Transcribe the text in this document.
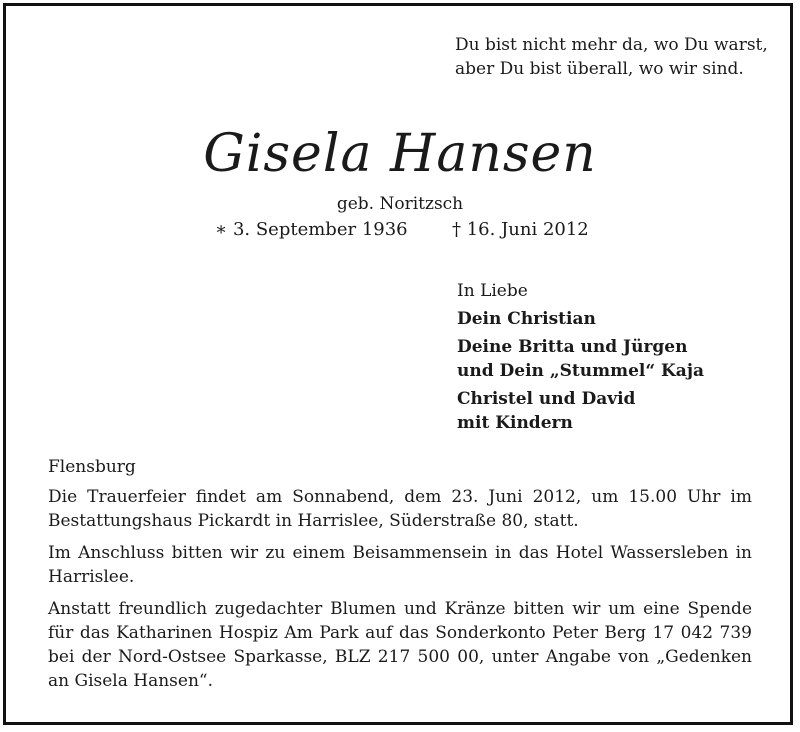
Du bist nicht mehr da, wo Du warst,
aber Du bist überall, wo wir sind.
Gisela Hansen
geb. Noritzsch
∗ 3. September 1936 † 16. Juni 2012
In Liebe
Dein Christian
Deine Britta und Jürgen
und Dein „Stummel“ Kaja
Christel und David
mit Kindern

Flensburg

Die Trauerfeier findet am Sonnabend, dem 23. Juni 2012, um 15.00 Uhr im Bestattungshaus Pickardt in Harrislee, Süderstraße 80, statt.

Im Anschluss bitten wir zu einem Beisammensein in das Hotel Wassersleben in Harrislee.

Anstatt freundlich zugedachter Blumen und Kränze bitten wir um eine Spende für das Katharinen Hospiz Am Park auf das Sonderkonto Peter Berg 17 042 739 bei der Nord-Ostsee Sparkasse, BLZ 217 500 00, unter Angabe von „Gedenken an Gisela Hansen“.
